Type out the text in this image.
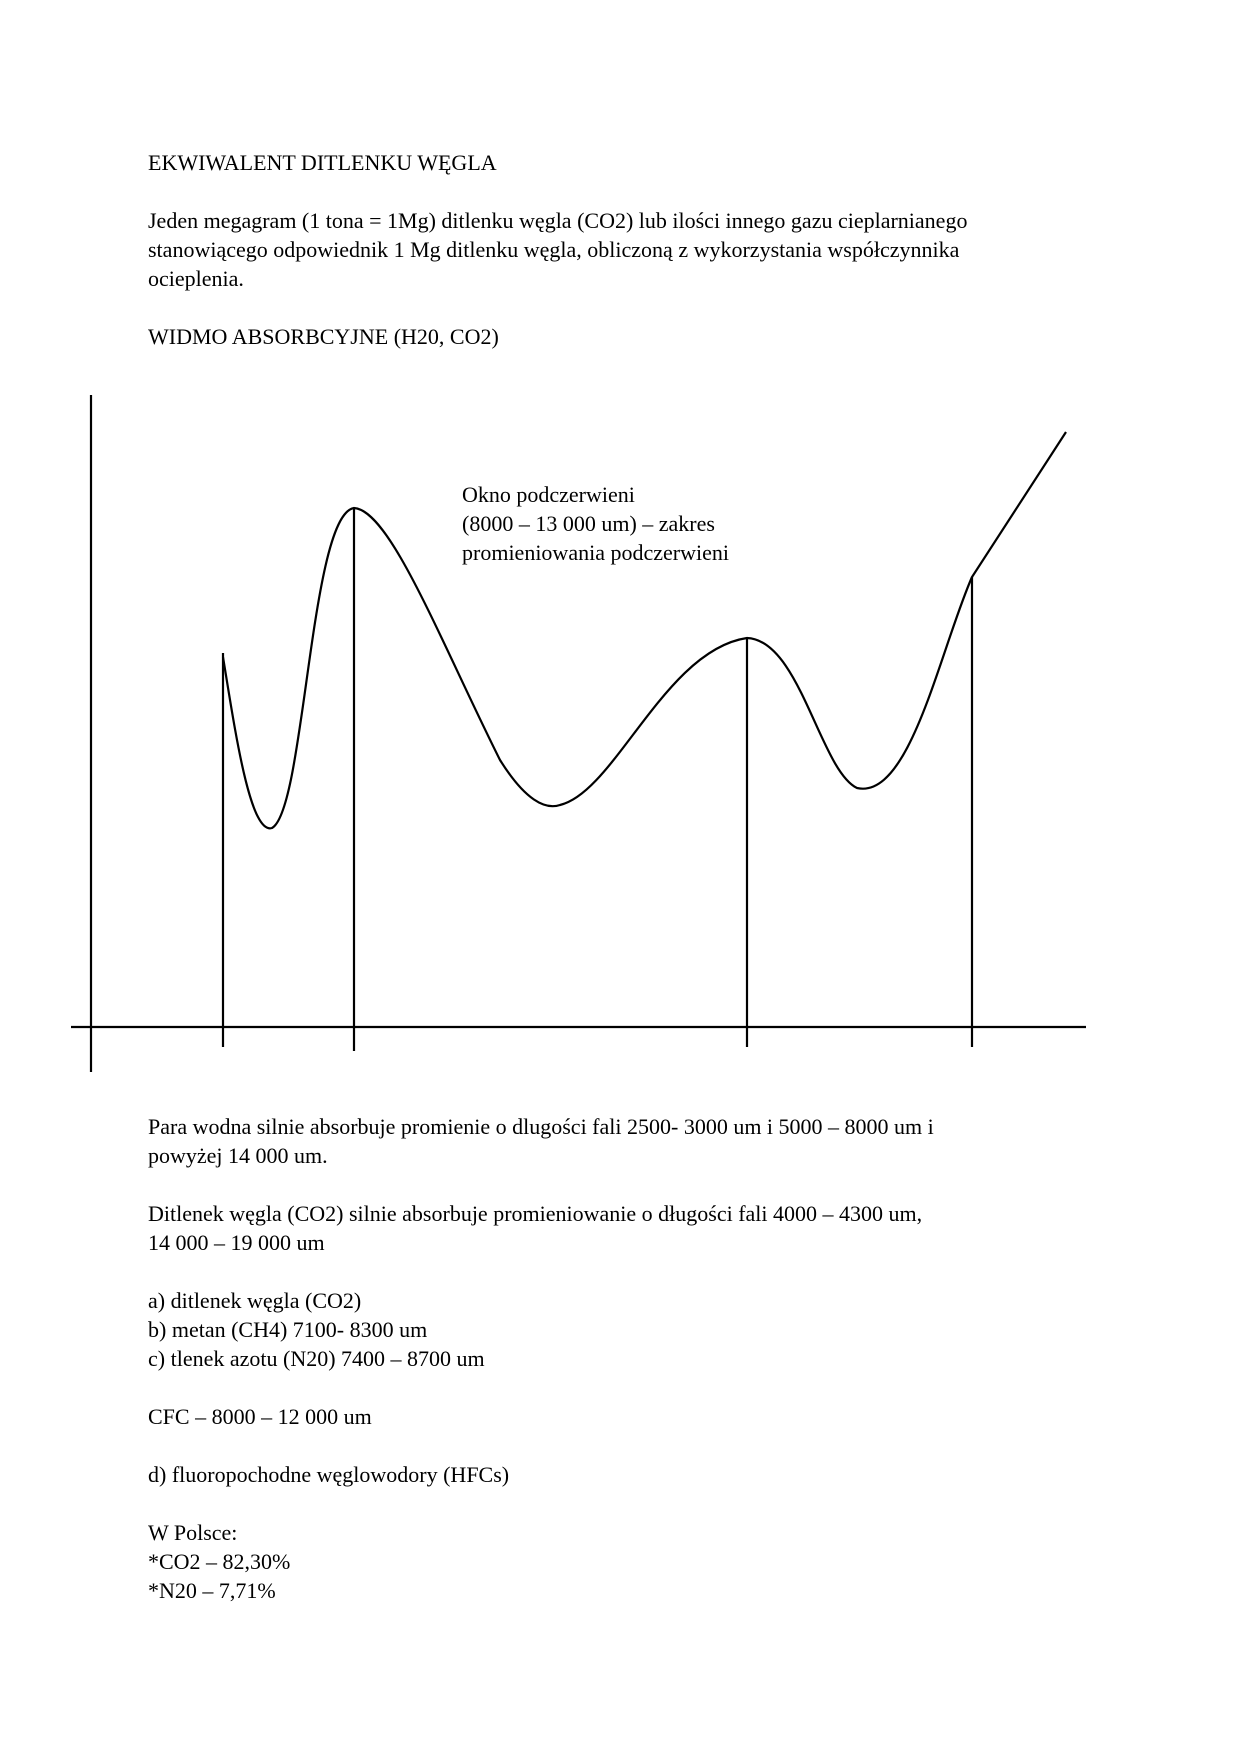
EKWIWALENT DITLENKU WĘGLA
Jeden megagram (1 tona = 1Mg) ditlenku węgla (CO2) lub ilości innego gazu cieplarnianego
stanowiącego odpowiednik 1 Mg ditlenku węgla, obliczoną z wykorzystania współczynnika
ocieplenia.
WIDMO ABSORBCYJNE (H20, CO2)
Okno podczerwieni
(8000 – 13 000 um) – zakres
promieniowania podczerwieni
Para wodna silnie absorbuje promienie o dlugości fali 2500- 3000 um i 5000 – 8000 um i
powyżej 14 000 um.
Ditlenek węgla (CO2) silnie absorbuje promieniowanie o długości fali 4000 – 4300 um,
14 000 – 19 000 um
a) ditlenek węgla (CO2)
b) metan (CH4) 7100- 8300 um
c) tlenek azotu (N20) 7400 – 8700 um
CFC – 8000 – 12 000 um
d) fluoropochodne węglowodory (HFCs)
W Polsce:
*CO2 – 82,30%
*N20 – 7,71%
